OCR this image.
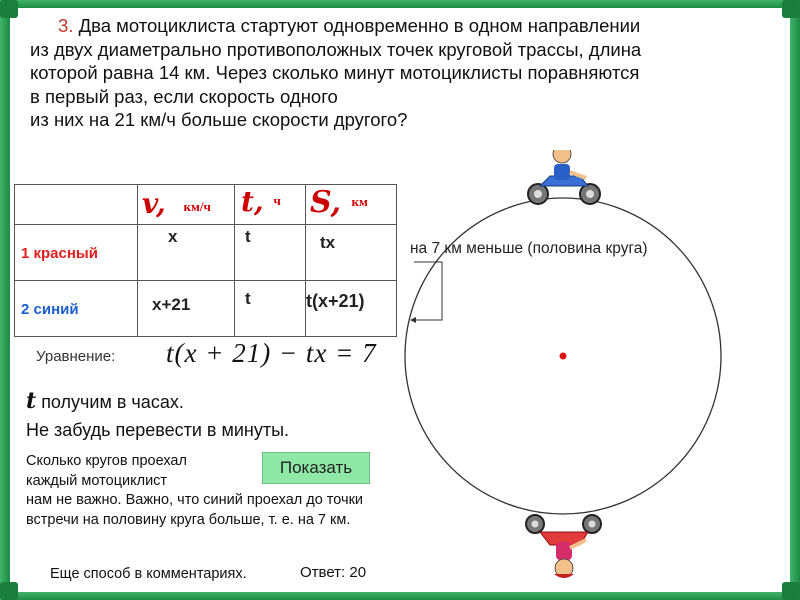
3. Два мотоциклиста стартуют одновременно в одном направлении
из двух диаметрально противоположных точек круговой трассы, длина
которой равна 14 км. Через сколько минут мотоциклисты поравняются
в первый раз, если скорость одного
из них на 21 км/ч больше скорости другого?
на 7 км меньше (половина круга)

	v, км/ч	t, $^ч$	S, $^{км}$

1 красный	x	t	tx

2 синий	x+21	t	t(x+21)
Уравнение: t(x + 21) − tx = 7
t получим в часах.
Не забудь перевести в минуты.
Сколько кругов проехал каждый мотоциклист
нам не важно. Важно, что синий проехал до точки встречи на половину круга больше, т. е. на 7 км.
Показать
Еще способ в комментариях.	Ответ: 20
